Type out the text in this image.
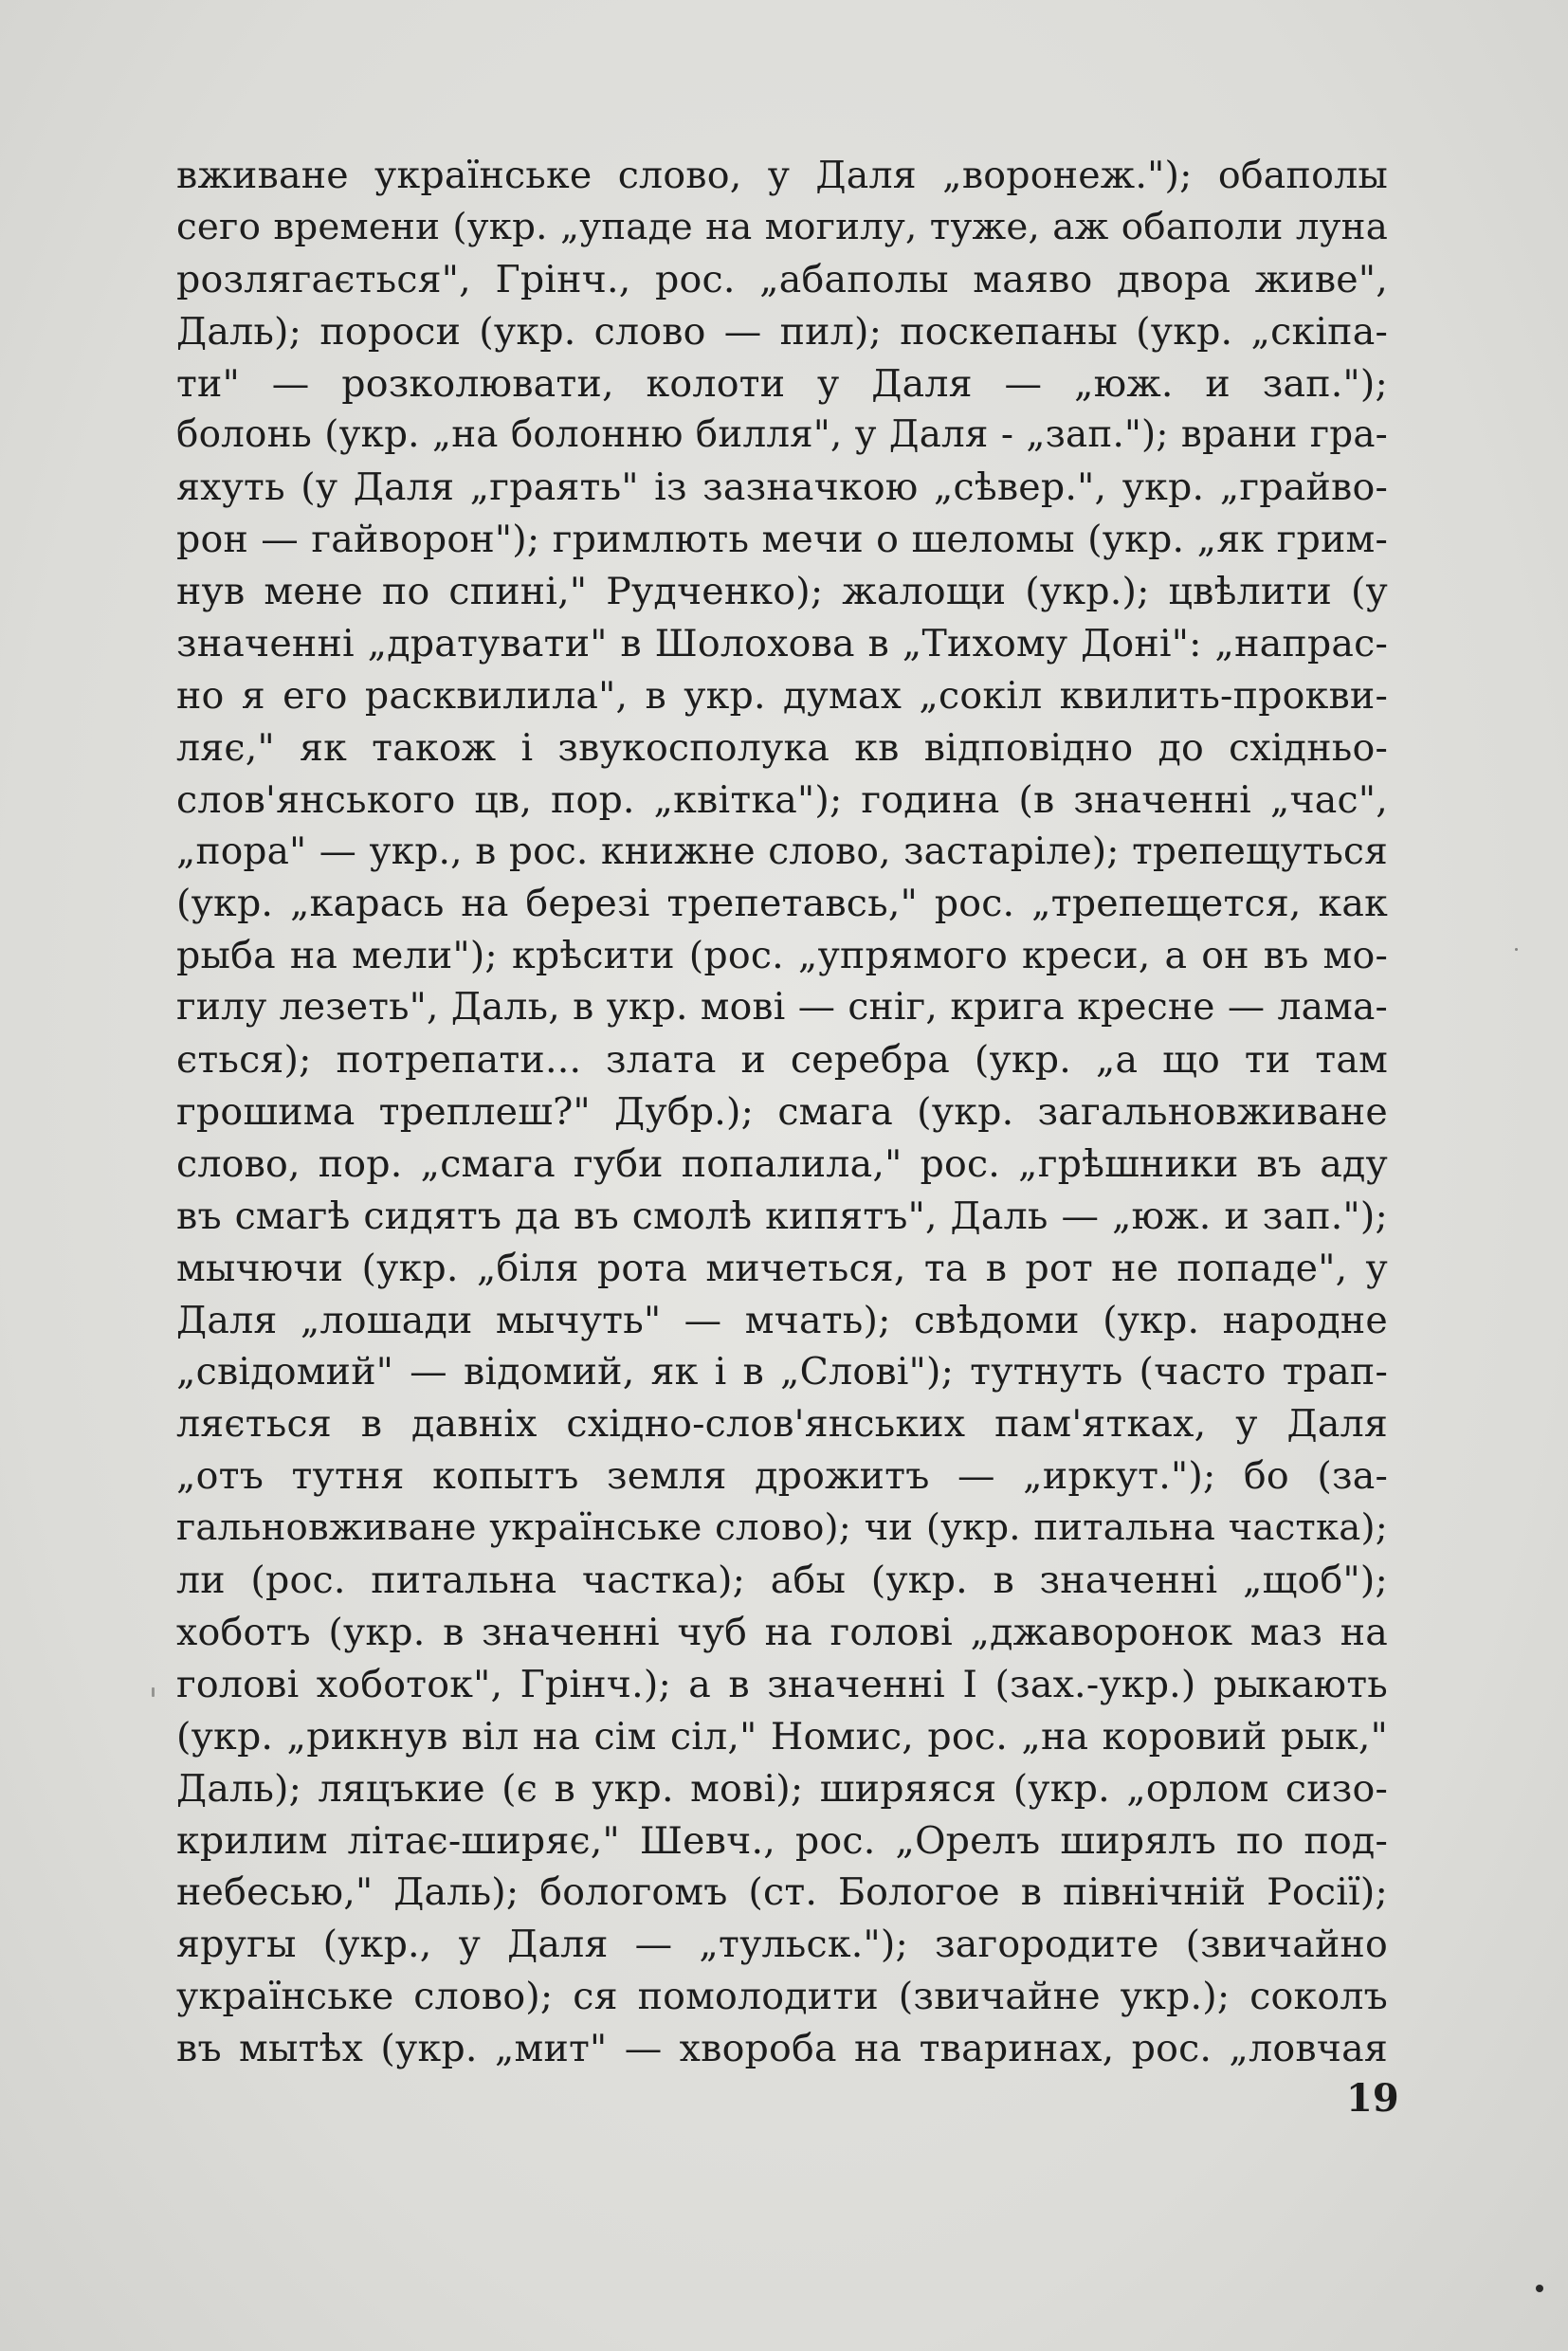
вживане українське слово, у Даля „воронеж."); обаполы
сего времени (укр. „упаде на могилу, туже, аж обаполи луна
розлягається", Грінч., рос. „абаполы маяво двора живе",
Даль); пороси (укр. слово — пил); поскепаны (укр. „скіпа-
ти" — розколювати, колоти у Даля — „юж. и зап.");
болонь (укр. „на болонню билля", у Даля - „зап."); врани гра-
яхуть (у Даля „граять" із зазначкою „сѣвер.", укр. „грайво-
рон — гайворон"); гримлють мечи о шеломы (укр. „як грим-
нув мене по спині," Рудченко); жалощи (укр.); цвѣлити (у
значенні „дратувати" в Шолохова в „Тихому Доні": „напрас-
но я его расквилила", в укр. думах „сокіл квилить-прокви-
ляє," як також і звукосполука кв відповідно до східньо-
слов'янського цв, пор. „квітка"); година (в значенні „час",
„пора" — укр., в рос. книжне слово, застаріле); трепещуться
(укр. „карась на березі трепетавсь," рос. „трепещется, как
рыба на мели"); крѣсити (рос. „упрямого креси, а он въ мо-
гилу лезеть", Даль, в укр. мові — сніг, крига кресне — лама-
ється); потрепати... злата и серебра (укр. „а що ти там
грошима треплеш?" Дубр.); смага (укр. загальновживане
слово, пор. „смага губи попалила," рос. „грѣшники въ аду
въ смагѣ сидятъ да въ смолѣ кипятъ", Даль — „юж. и зап.");
мычючи (укр. „біля рота мичеться, та в рот не попаде", у
Даля „лошади мычуть" — мчать); свѣдоми (укр. народне
„свідомий" — відомий, як і в „Слові"); тутнуть (часто трап-
ляється в давніх східно-слов'янських пам'ятках, у Даля
„отъ тутня копытъ земля дрожитъ — „иркут."); бо (за-
гальновживане українське слово); чи (укр. питальна частка);
ли (рос. питальна частка); абы (укр. в значенні „щоб");
хоботъ (укр. в значенні чуб на голові „джаворонок маз на
голові хоботок", Грінч.); а в значенні I (зах.-укр.) рыкають
(укр. „рикнув віл на сім сіл," Номис, рос. „на коровий рык,"
Даль); ляцъкие (є в укр. мові); ширяяся (укр. „орлом сизо-
крилим літає-ширяє," Шевч., рос. „Орелъ ширялъ по под-
небесью," Даль); бологомъ (ст. Бологое в північній Росії);
яругы (укр., у Даля — „тульск."); загородите (звичайно
українське слово); ся помолодити (звичайне укр.); соколъ
въ мытѣх (укр. „мит" — хвороба на тваринах, рос. „ловчая
19
